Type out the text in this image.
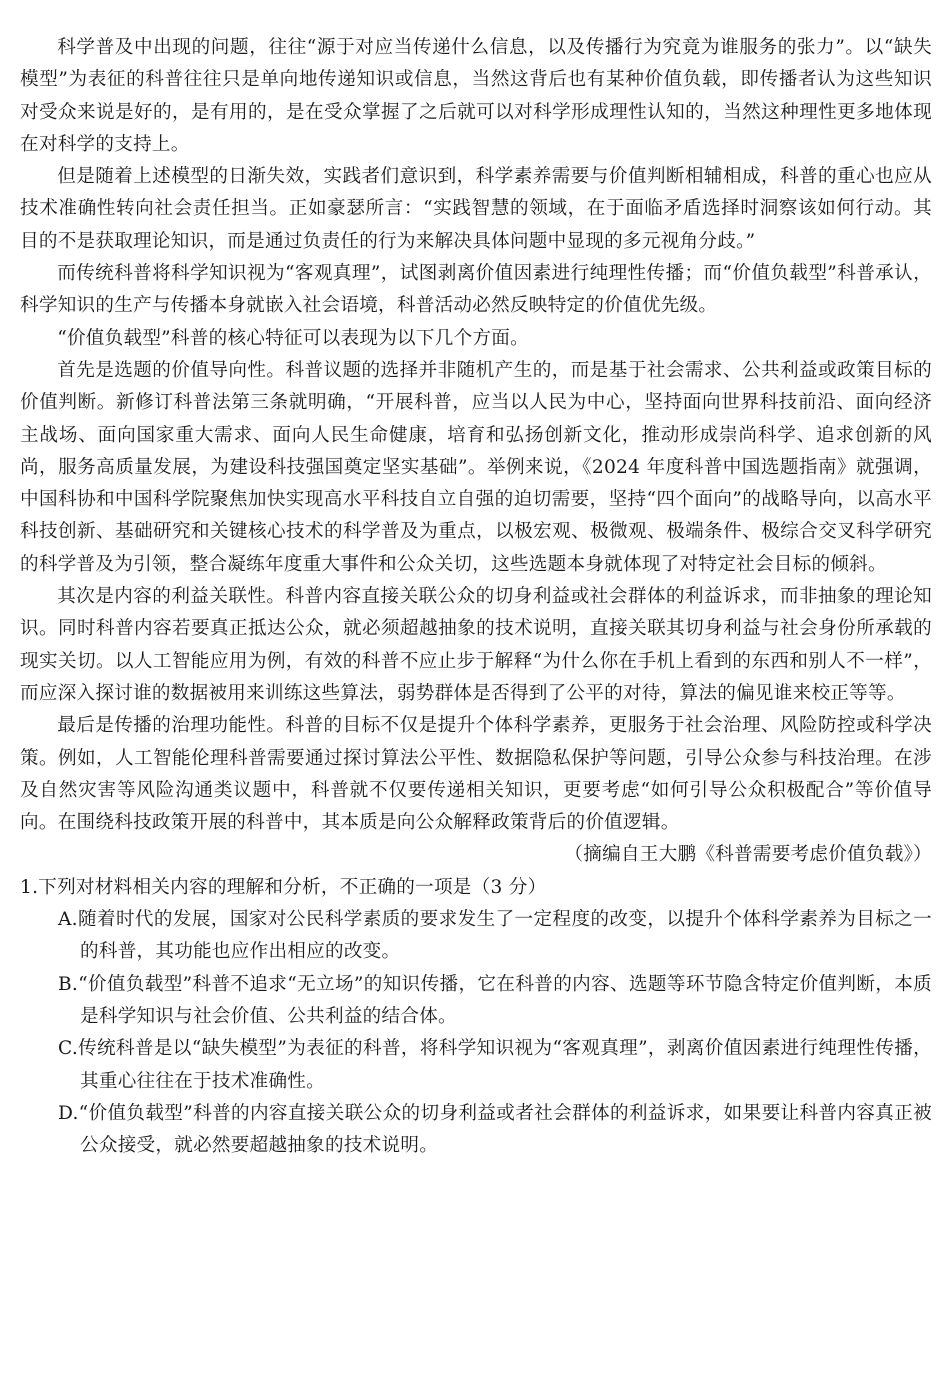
科学普及中出现的问题，往往“源于对应当传递什么信息，以及传播行为究竟为谁服务的张力”。以“缺失模型”为表征的科普往往只是单向地传递知识或信息，当然这背后也有某种价值负载，即传播者认为这些知识对受众来说是好的，是有用的，是在受众掌握了之后就可以对科学形成理性认知的，当然这种理性更多地体现在对科学的支持上。

但是随着上述模型的日渐失效，实践者们意识到，科学素养需要与价值判断相辅相成，科普的重心也应从技术准确性转向社会责任担当。正如豪瑟所言：“实践智慧的领域，在于面临矛盾选择时洞察该如何行动。其目的不是获取理论知识，而是通过负责任的行为来解决具体问题中显现的多元视角分歧。”

而传统科普将科学知识视为“客观真理”，试图剥离价值因素进行纯理性传播；而“价值负载型”科普承认，科学知识的生产与传播本身就嵌入社会语境，科普活动必然反映特定的价值优先级。

“价值负载型”科普的核心特征可以表现为以下几个方面。

首先是选题的价值导向性。科普议题的选择并非随机产生的，而是基于社会需求、公共利益或政策目标的价值判断。新修订科普法第三条就明确，“开展科普，应当以人民为中心，坚持面向世界科技前沿、面向经济主战场、面向国家重大需求、面向人民生命健康，培育和弘扬创新文化，推动形成崇尚科学、追求创新的风尚，服务高质量发展，为建设科技强国奠定坚实基础”。举例来说，《2024 年度科普中国选题指南》就强调，中国科协和中国科学院聚焦加快实现高水平科技自立自强的迫切需要，坚持“四个面向”的战略导向，以高水平科技创新、基础研究和关键核心技术的科学普及为重点，以极宏观、极微观、极端条件、极综合交叉科学研究的科学普及为引领，整合凝练年度重大事件和公众关切，这些选题本身就体现了对特定社会目标的倾斜。

其次是内容的利益关联性。科普内容直接关联公众的切身利益或社会群体的利益诉求，而非抽象的理论知识。同时科普内容若要真正抵达公众，就必须超越抽象的技术说明，直接关联其切身利益与社会身份所承载的现实关切。以人工智能应用为例，有效的科普不应止步于解释“为什么你在手机上看到的东西和别人不一样”，而应深入探讨谁的数据被用来训练这些算法，弱势群体是否得到了公平的对待，算法的偏见谁来校正等等。

最后是传播的治理功能性。科普的目标不仅是提升个体科学素养，更服务于社会治理、风险防控或科学决策。例如，人工智能伦理科普需要通过探讨算法公平性、数据隐私保护等问题，引导公众参与科技治理。在涉及自然灾害等风险沟通类议题中，科普就不仅要传递相关知识，更要考虑“如何引导公众积极配合”等价值导向。在围绕科技政策开展的科普中，其本质是向公众解释政策背后的价值逻辑。

（摘编自王大鹏《科普需要考虑价值负载》）

1.下列对材料相关内容的理解和分析，不正确的一项是（3 分）

A.随着时代的发展，国家对公民科学素质的要求发生了一定程度的改变，以提升个体科学素养为目标之一的科普，其功能也应作出相应的改变。

B.“价值负载型”科普不追求“无立场”的知识传播，它在科普的内容、选题等环节隐含特定价值判断，本质是科学知识与社会价值、公共利益的结合体。

C.传统科普是以“缺失模型”为表征的科普，将科学知识视为“客观真理”，剥离价值因素进行纯理性传播，其重心往往在于技术准确性。

D.“价值负载型”科普的内容直接关联公众的切身利益或者社会群体的利益诉求，如果要让科普内容真正被公众接受，就必然要超越抽象的技术说明。
